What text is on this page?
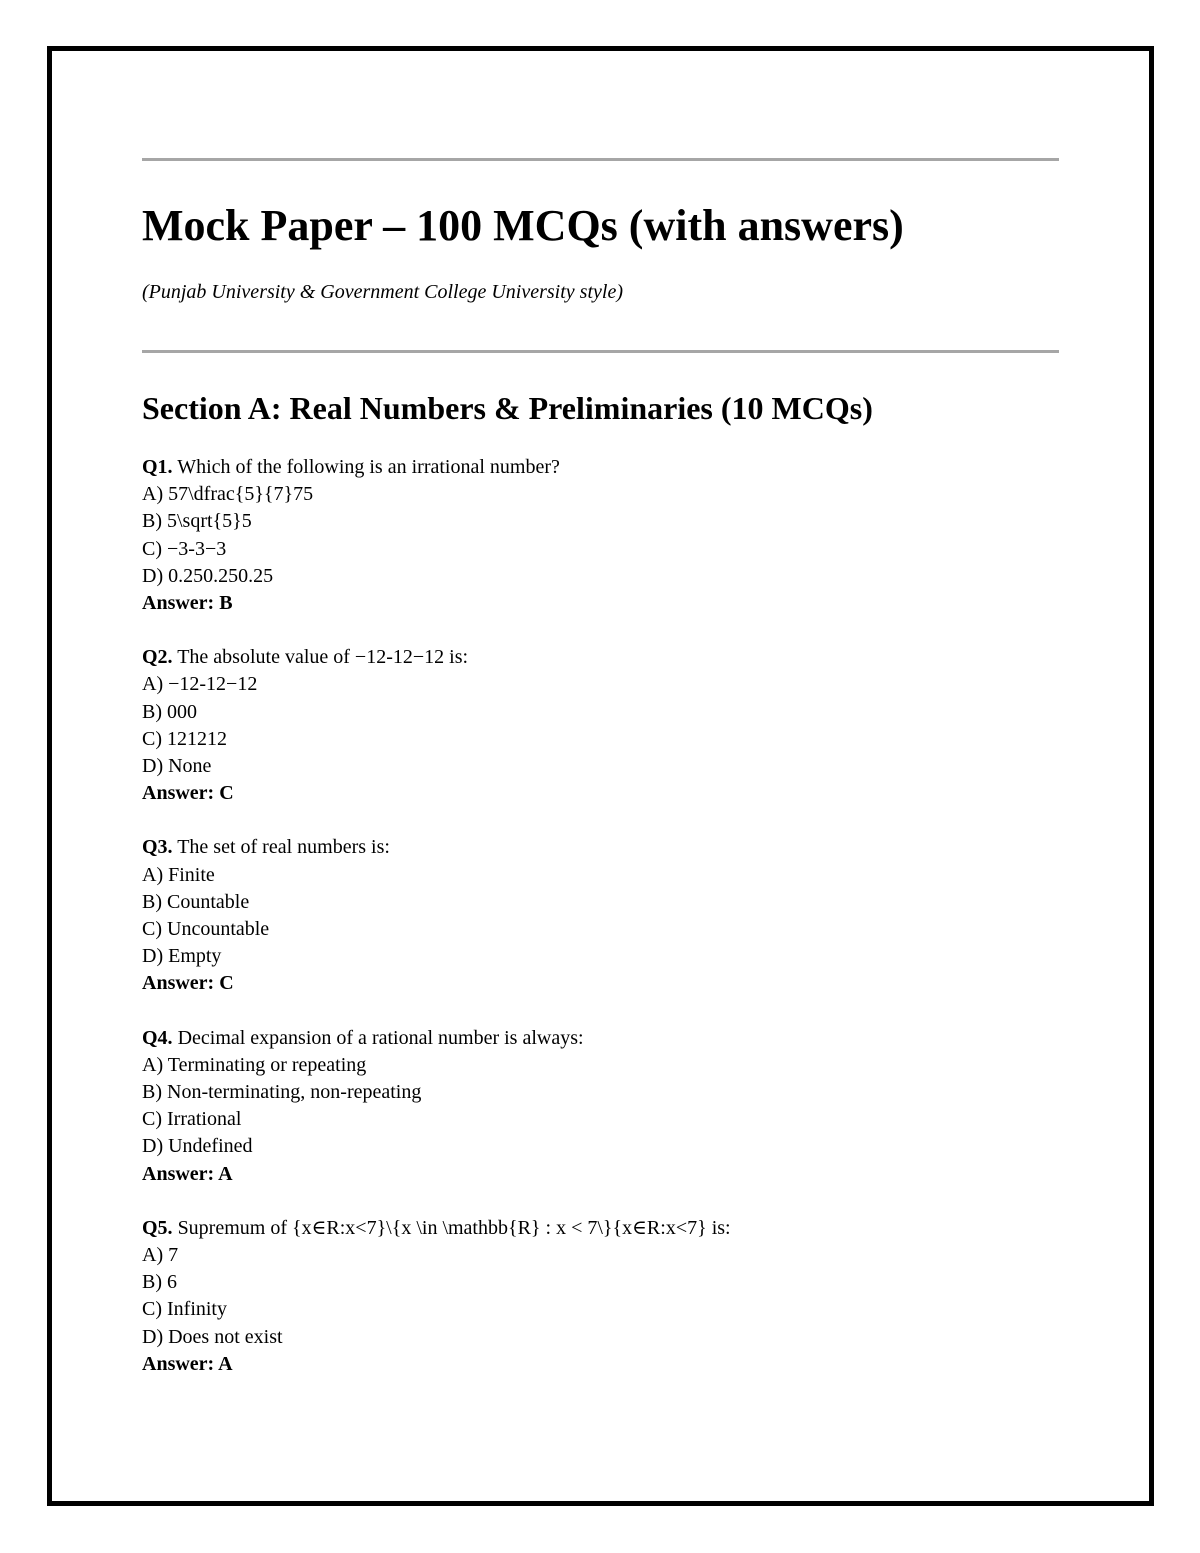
Mock Paper – 100 MCQs (with answers)

(Punjab University & Government College University style)

Section A: Real Numbers & Preliminaries (10 MCQs)
Q1. Which of the following is an irrational number?
A) 57\dfrac{5}{7}75
B) 5\sqrt{5}5
C) −3-3−3
D) 0.250.250.25
Answer: B
Q2. The absolute value of −12-12−12 is:
A) −12-12−12
B) 000
C) 121212
D) None
Answer: C
Q3. The set of real numbers is:
A) Finite
B) Countable
C) Uncountable
D) Empty
Answer: C
Q4. Decimal expansion of a rational number is always:
A) Terminating or repeating
B) Non-terminating, non-repeating
C) Irrational
D) Undefined
Answer: A
Q5. Supremum of {x∈R:x<7}\{x \in \mathbb{R} : x < 7\}{x∈R:x<7} is:
A) 7
B) 6
C) Infinity
D) Does not exist
Answer: A
